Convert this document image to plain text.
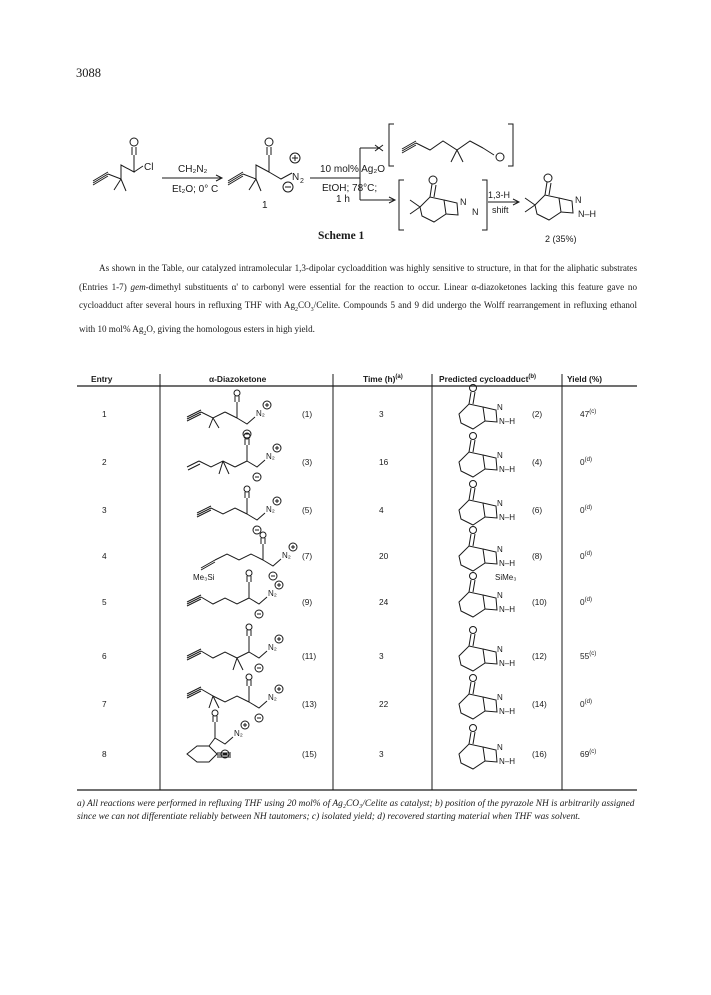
3088
Cl CH₂N₂
Et₂O; 0° C
N 2
1
10 mol% Ag₂O
EtOH; 78°C;
1 h	N
N
1,3-H
shift
N
N–H
2 (35%)
Scheme 1

As shown in the Table, our catalyzed intramolecular 1,3-dipolar cycloaddition was highly sensitive to structure, in that for the aliphatic substrates (Entries 1-7) gem-dimethyl substituents α' to carbonyl were essential for the reaction to occur. Linear α-diazoketones lacking this feature gave no cycloadduct after several hours in refluxing THF with $Ag_2CO_3$/Celite. Compounds 5 and 9 did undergo the Wolff rearrangement in refluxing ethanol with 10 mol% $Ag_2O$, giving the homologous esters in high yield.

Entry	α-Diazoketone	Time $(h)^{(a)}$	Predicted cycloadduct$^{(b)}$	Yield (%)
1	(1)	3	(2)	47$^{(c)}$
2	(3)	16	(4)	0$^{(d)}$
3	(5)	4	(6)	0$^{(d)}$
4	(7)	20	(8)	0$^{(d)}$
5	(9)	24	(10)	0$^{(d)}$
6	(11)	3	(12)	55$^{(c)}$
7	(13)	22	(14)	0$^{(d)}$
8	(15)	3	(16)	69$^{(c)}$
N₂
N
N–H
N₂	N
N–H
N₂
N
N–H
N₂
Me₃Si
N
N–H
SiMe₃
N₂	N
N–H
N₂	N
N–H
N₂	N
N–H
N₂
N
N–H
a) All reactions were performed in refluxing THF using 20 mol% of Ag₂CO₃/Celite as catalyst; b) position of the pyrazole NH is arbitrarily assigned since we can not differentiate reliably between NH tautomers; c) isolated yield; d) recovered starting material when THF was solvent.
